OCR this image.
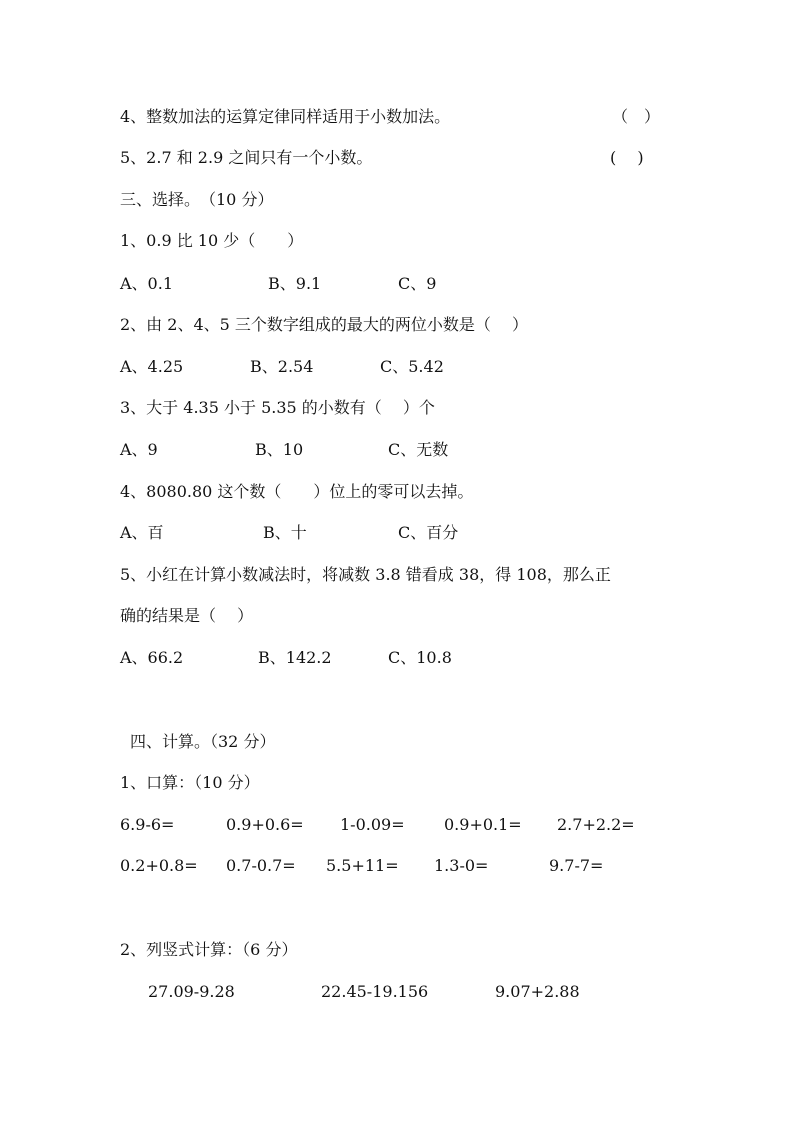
4、整数加法的运算定律同样适用于小数加法。	（　）
5、2.7 和 2.9 之间只有一个小数。	(　 )
三、选择。　（10 分）
1、0.9 比 10 少（　　）
A、0.1	B、9.1	C、9
2、由 2、4、5 三个数字组成的最大的两位小数是（　 ）
A、4.25	B、2.54	C、5.42
3、大于 4.35 小于 5.35 的小数有（　 ）个
A、9	B、10	C、无数
4、8080.80 这个数（　　）位上的零可以去掉。
A、百	B、十	C、百分
5、小红在计算小数减法时，将减数 3.8 错看成 38，得 108，那么正
确的结果是（　 ）
A、66.2	B、142.2	C、10.8
四、计算。（32 分）
1、口算：（10 分）
6.9-6=	0.9+0.6= 1-0.09= 0.9+0.1= 2.7+2.2=
0.2+0.8= 0.7-0.7= 5.5+11= 1.3-0=	9.7-7=
2、列竖式计算：（6 分）
27.09-9.28	22.45-19.156	9.07+2.88
